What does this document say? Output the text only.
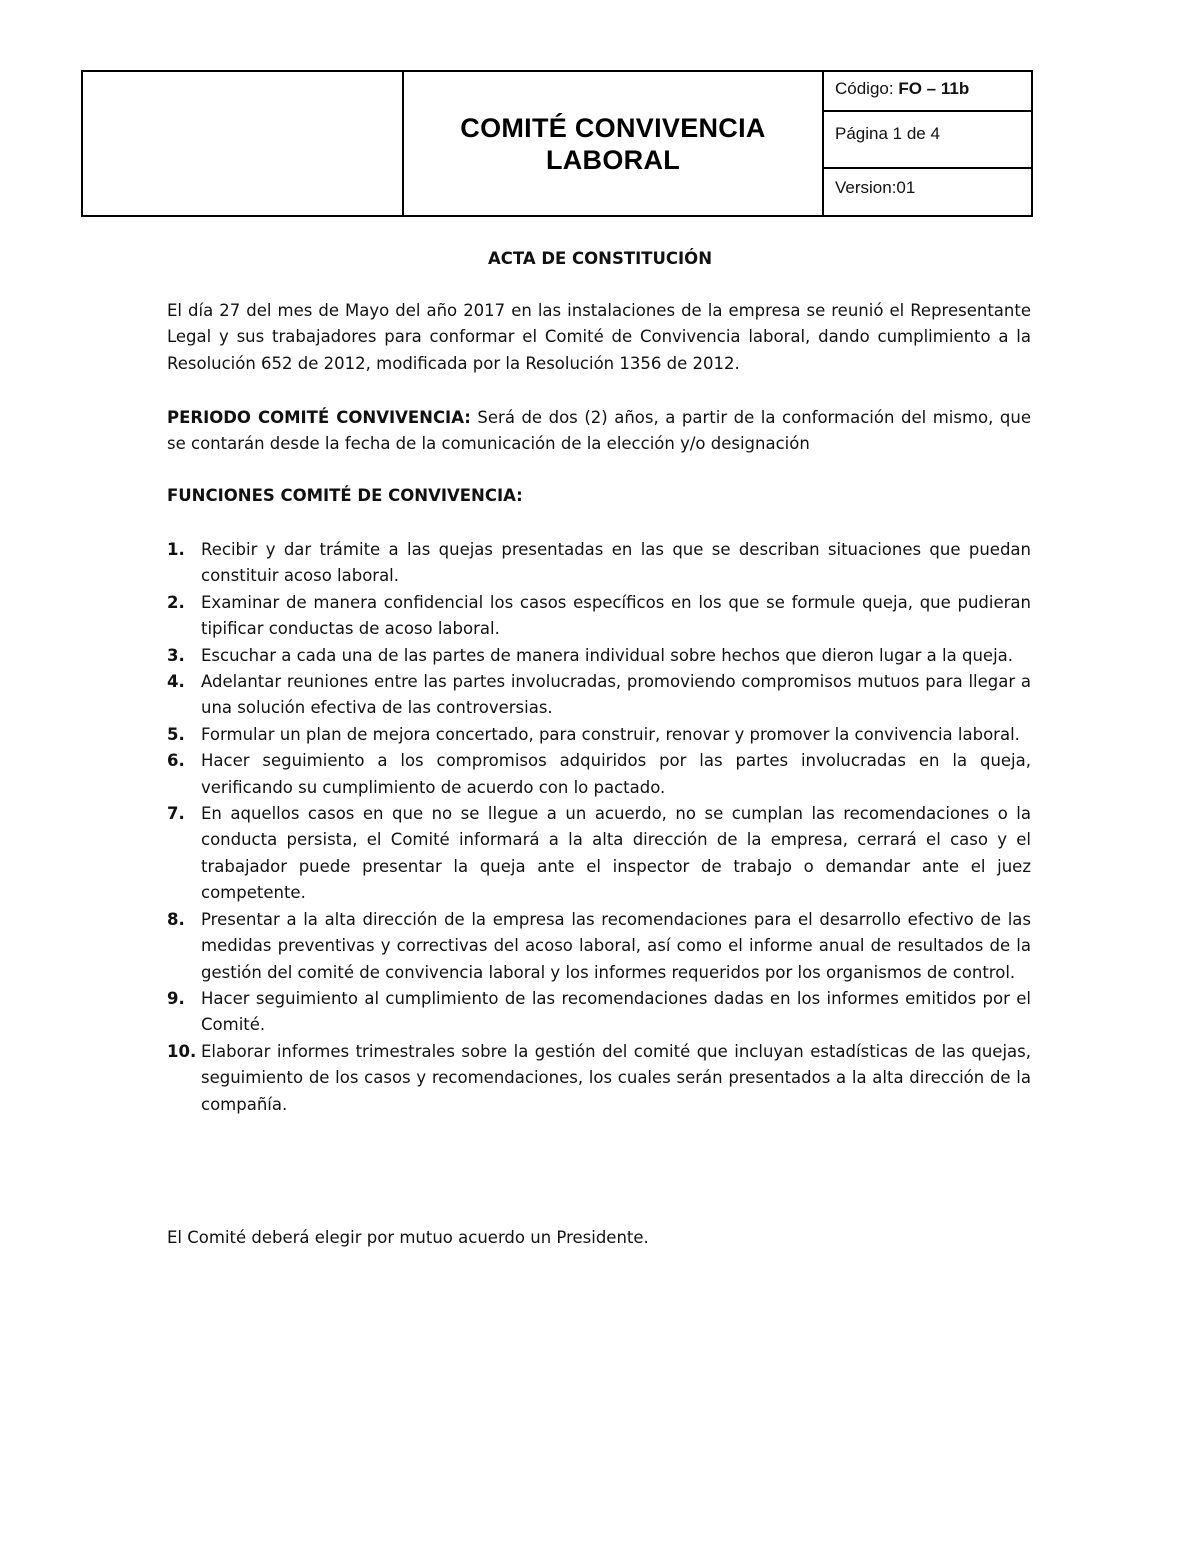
COMITÉ CONVIVENCIA
LABORAL
Código: FO – 11b
Página 1 de 4
Version:01
ACTA DE CONSTITUCIÓN

El día 27 del mes de Mayo del año 2017 en las instalaciones de la empresa se reunió el Representante Legal y sus trabajadores para conformar el Comité de Convivencia laboral, dando cumplimiento a la Resolución 652 de 2012, modificada por la Resolución 1356 de 2012.

PERIODO COMITÉ CONVIVENCIA: Será de dos (2) años, a partir de la conformación del mismo, que se contarán desde la fecha de la comunicación de la elección y/o designación

FUNCIONES COMITÉ DE CONVIVENCIA:
1. Recibir y dar trámite a las quejas presentadas en las que se describan situaciones que puedan constituir acoso laboral.
2. Examinar de manera confidencial los casos específicos en los que se formule queja, que pudieran tipificar conductas de acoso laboral.
3. Escuchar a cada una de las partes de manera individual sobre hechos que dieron lugar a la queja.
4. Adelantar reuniones entre las partes involucradas, promoviendo compromisos mutuos para llegar a una solución efectiva de las controversias.
5. Formular un plan de mejora concertado, para construir, renovar y promover la convivencia laboral.
6. Hacer seguimiento a los compromisos adquiridos por las partes involucradas en la queja, verificando su cumplimiento de acuerdo con lo pactado.
7. En aquellos casos en que no se llegue a un acuerdo, no se cumplan las recomendaciones o la conducta persista, el Comité informará a la alta dirección de la empresa, cerrará el caso y el trabajador puede presentar la queja ante el inspector de trabajo o demandar ante el juez competente.
8. Presentar a la alta dirección de la empresa las recomendaciones para el desarrollo efectivo de las medidas preventivas y correctivas del acoso laboral, así como el informe anual de resultados de la gestión del comité de convivencia laboral y los informes requeridos por los organismos de control.
9. Hacer seguimiento al cumplimiento de las recomendaciones dadas en los informes emitidos por el Comité.
10. Elaborar informes trimestrales sobre la gestión del comité que incluyan estadísticas de las quejas, seguimiento de los casos y recomendaciones, los cuales serán presentados a la alta dirección de la compañía.

El Comité deberá elegir por mutuo acuerdo un Presidente.
